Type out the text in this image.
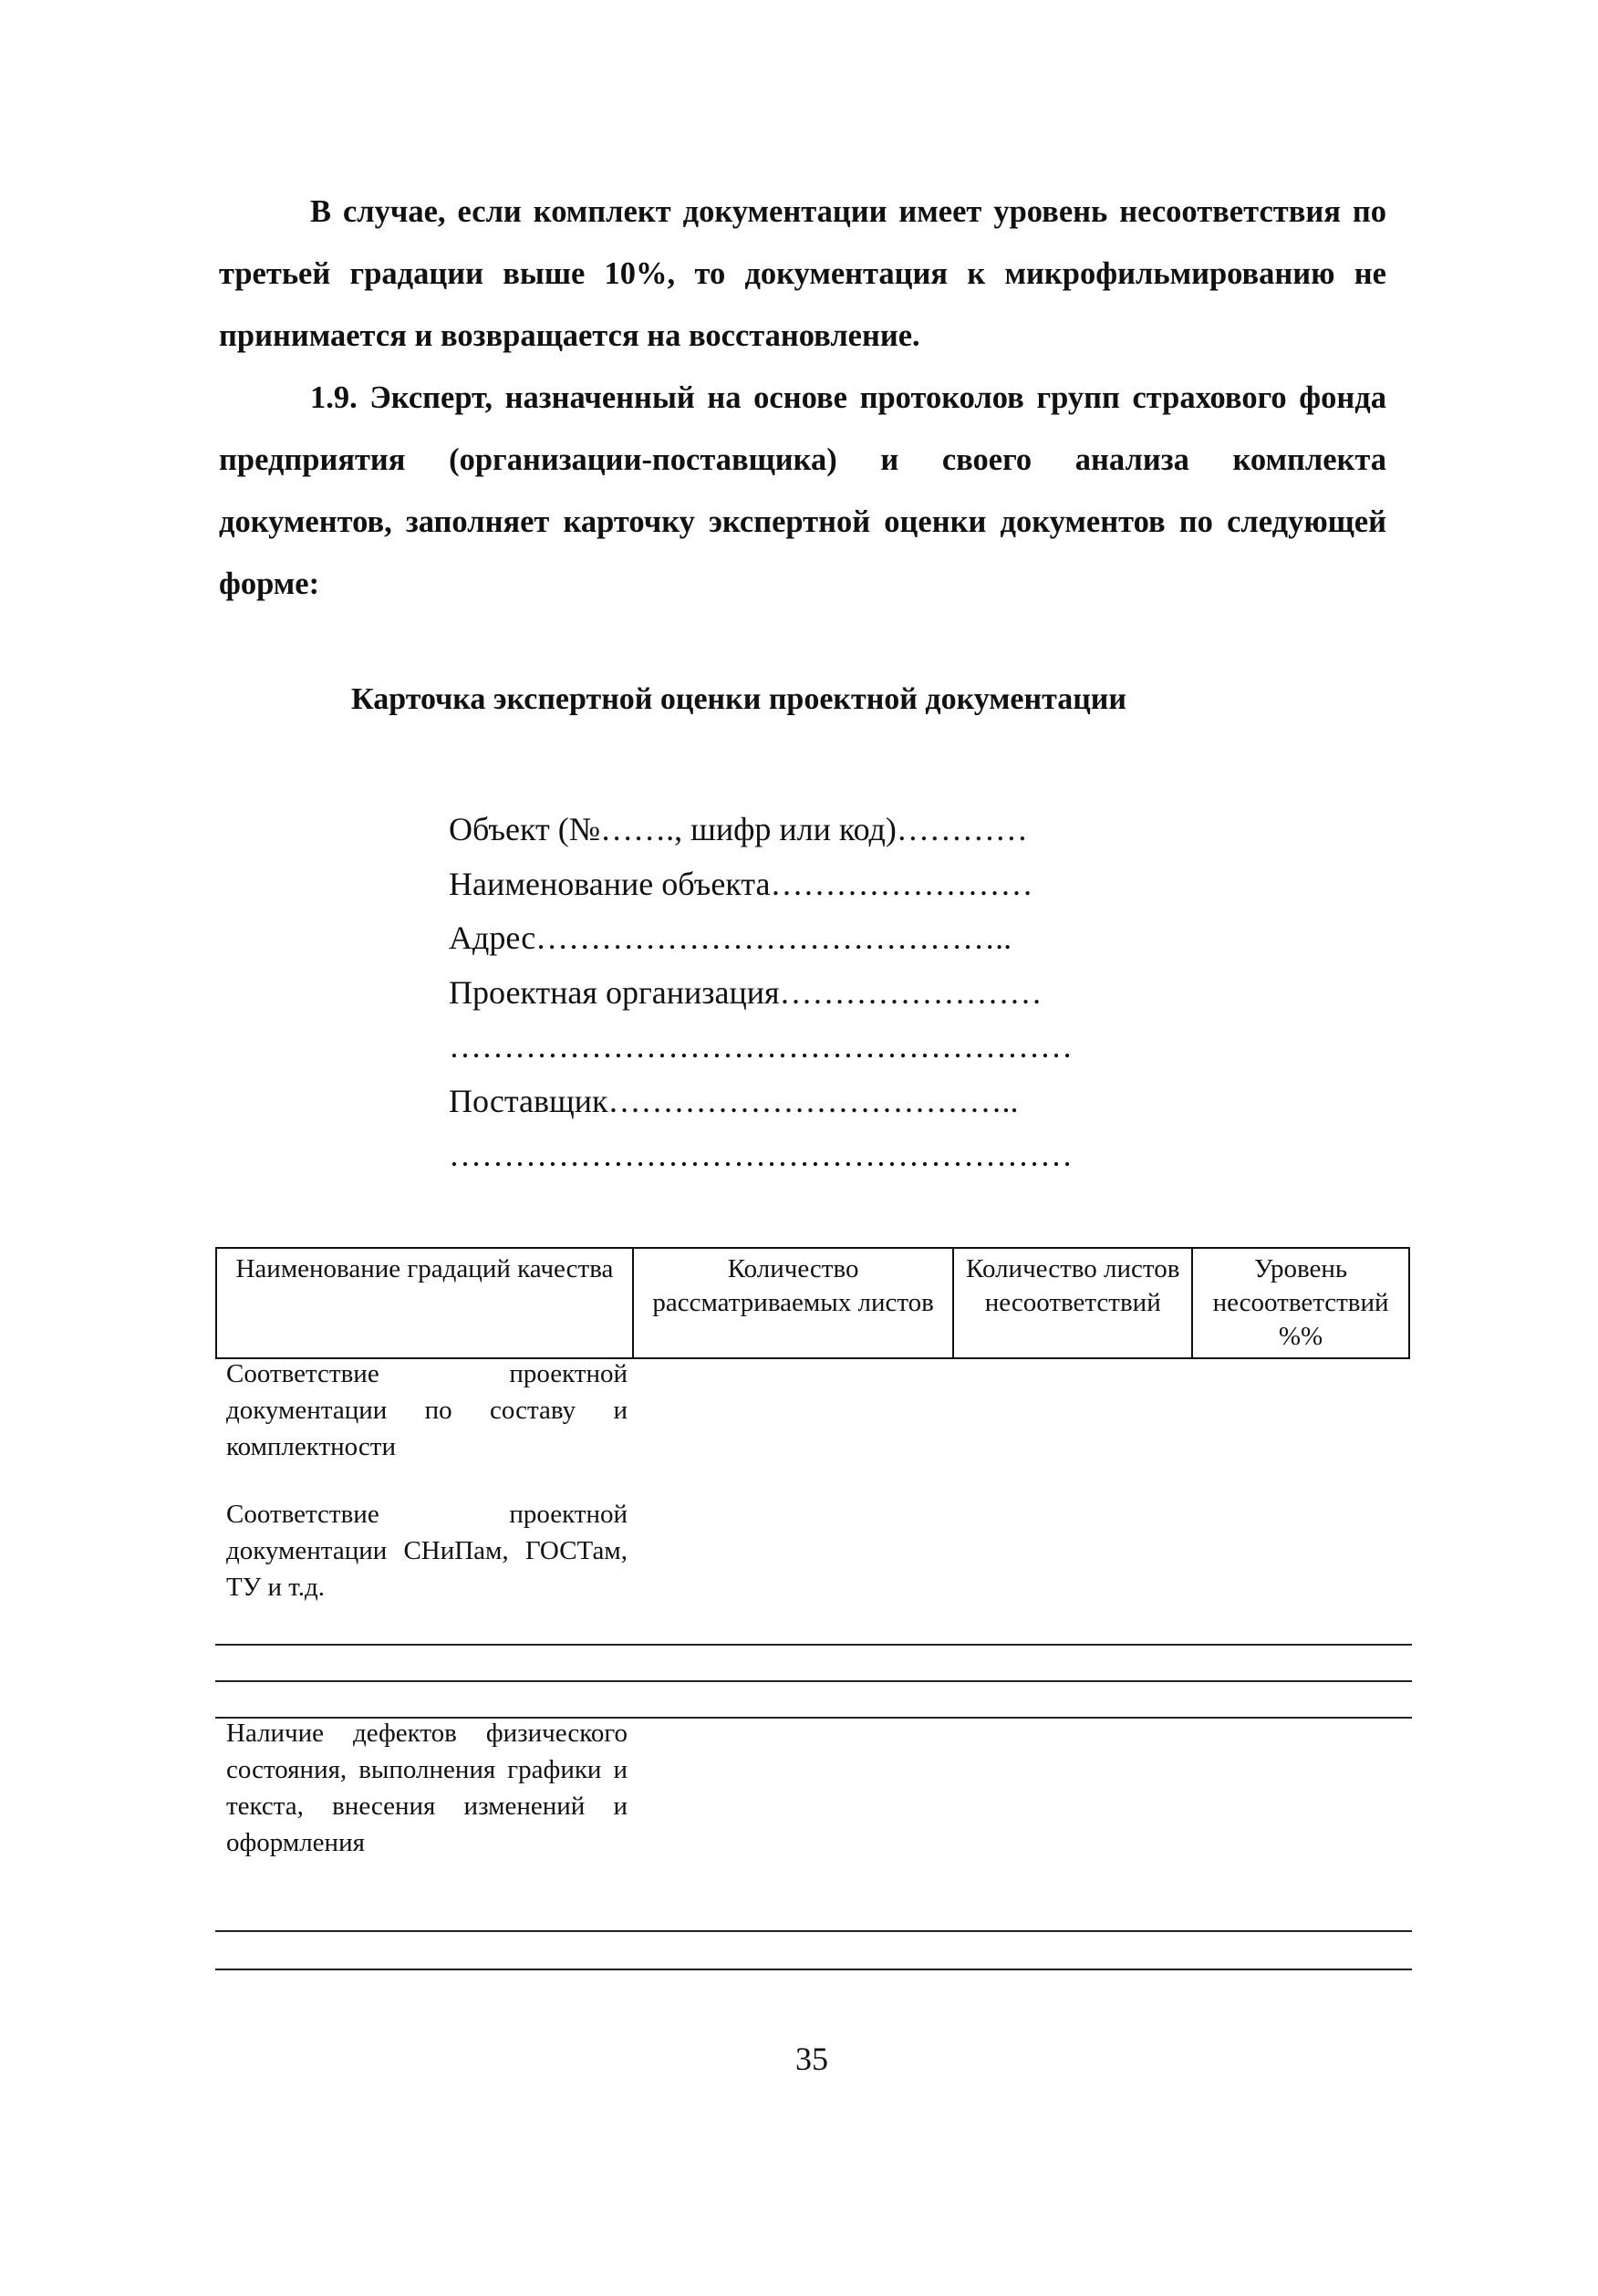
В случае, если комплект документации имеет уровень несоответствия по третьей градации выше 10%, то документация к микрофильмированию не принимается и возвращается на восстановление.

1.9. Эксперт, назначенный на основе протоколов групп страхового фонда предприятия (организации-поставщика) и своего анализа комплекта документов, заполняет карточку экспертной оценки документов по следующей форме:

Карточка экспертной оценки проектной документации
Объект (№……., шифр или код)…………
Наименование объекта……………………
Адрес……………………………………..
Проектная организация……………………
…………………………………………………
Поставщик………………………………..
…………………………………………………
Наименование градаций качества	Количество рассматриваемых листов	Количество листов несоответствий	Уровень несоответствий %%

Соответствие проектной документации по составу и комплектности

Соответствие проектной документации СНиПам, ГОСТам, ТУ и т.д.

Наличие дефектов физического состояния, выполнения графики и текста, внесения изменений и оформления

35
